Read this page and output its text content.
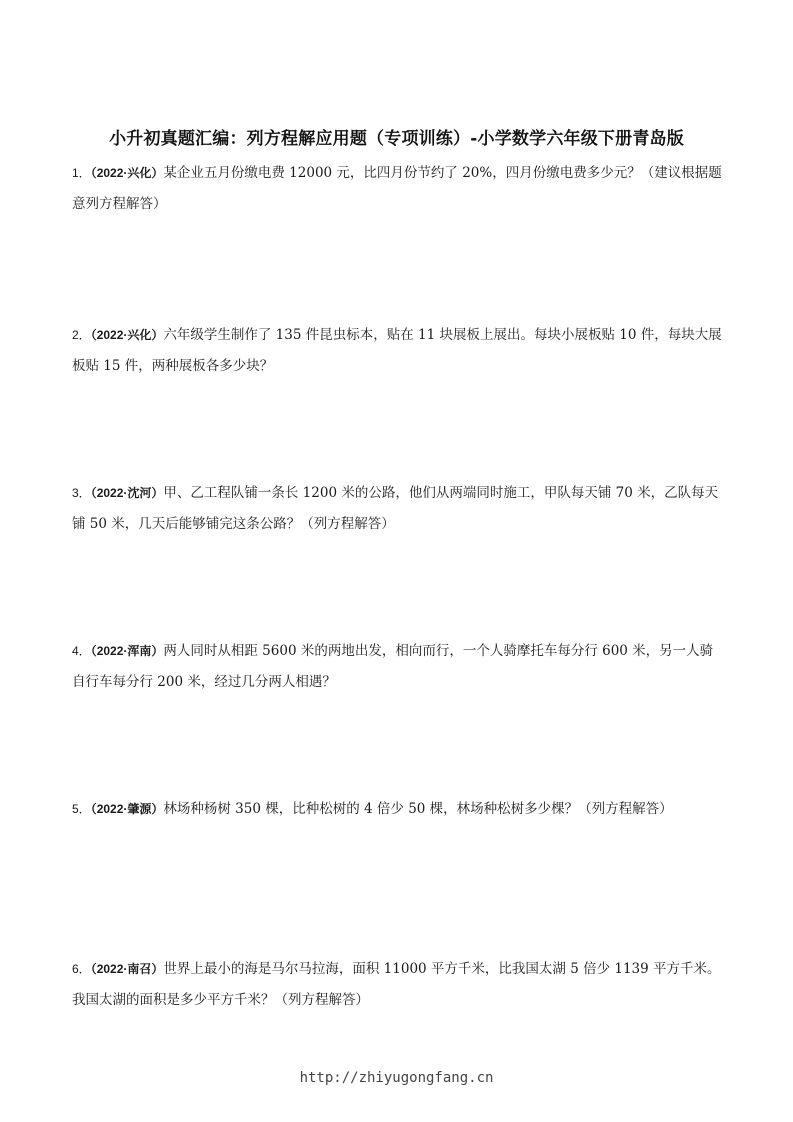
小升初真题汇编：列方程解应用题（专项训练）-小学数学六年级下册青岛版
1．（2022·兴化）某企业五月份缴电费 12000 元，比四月份节约了 20%，四月份缴电费多少元？（建议根据题意列方程解答）
2．（2022·兴化）六年级学生制作了 135 件昆虫标本，贴在 11 块展板上展出。每块小展板贴 10 件，每块大展板贴 15 件，两种展板各多少块？
3．（2022·沈河）甲、乙工程队铺一条长 1200 米的公路，他们从两端同时施工，甲队每天铺 70 米，乙队每天铺 50 米，几天后能够铺完这条公路？（列方程解答）
4．（2022·浑南）两人同时从相距 5600 米的两地出发，相向而行，一个人骑摩托车每分行 600 米，另一人骑自行车每分行 200 米，经过几分两人相遇？
5．（2022·肇源）林场种杨树 350 棵，比种松树的 4 倍少 50 棵，林场种松树多少棵？（列方程解答）
6．（2022·南召）世界上最小的海是马尔马拉海，面积 11000 平方千米，比我国太湖 5 倍少 1139 平方千米。我国太湖的面积是多少平方千米？（列方程解答）
http://zhiyugongfang.cn
